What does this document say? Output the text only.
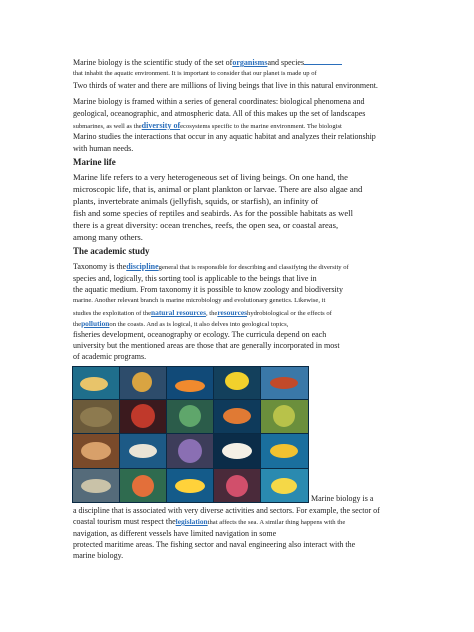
Marine biology is the scientific study of the set oforganismsand species
that inhabit the aquatic environment. It is important to consider that our planet is made up of
Two thirds of water and there are millions of living beings that live in this natural environment.
Marine biology is framed within a series of general coordinates: biological phenomena and
geological, oceanographic, and atmospheric data. All of this makes up the set of landscapes
submarines, as well as thediversity ofecosystems specific to the marine environment. The biologist
Marino studies the interactions that occur in any aquatic habitat and analyzes their relationship
with human needs.
Marine life
Marine life refers to a very heterogeneous set of living beings. On one hand, the
microscopic life, that is, animal or plant plankton or larvae. There are also algae and
plants, invertebrate animals (jellyfish, squids, or starfish), an infinity of
fish and some species of reptiles and seabirds. As for the possible habitats as well
there is a great diversity: ocean trenches, reefs, the open sea, or coastal areas,
among many others.
The academic study
Taxonomy is thedisciplinegeneral that is responsible for describing and classifying the diversity of
species and, logically, this sorting tool is applicable to the beings that live in
the aquatic medium. From taxonomy it is possible to know zoology and biodiversity
marine. Another relevant branch is marine microbiology and evolutionary genetics. Likewise, it
studies the exploitation of thenatural resources, theresourceshydrobiological or the effects of
thepollutionon the coasts. And as is logical, it also delves into geological topics,
fisheries development, oceanography or ecology. The curricula depend on each
university but the mentioned areas are those that are generally incorporated in most
of academic programs.
Marine biology is a
a discipline that is associated with very diverse activities and sectors. For example, the sector of
coastal tourism must respect thelegislationthat affects the sea. A similar thing happens with the
navigation, as different vessels have limited navigation in some
protected maritime areas. The fishing sector and naval engineering also interact with the
marine biology.
